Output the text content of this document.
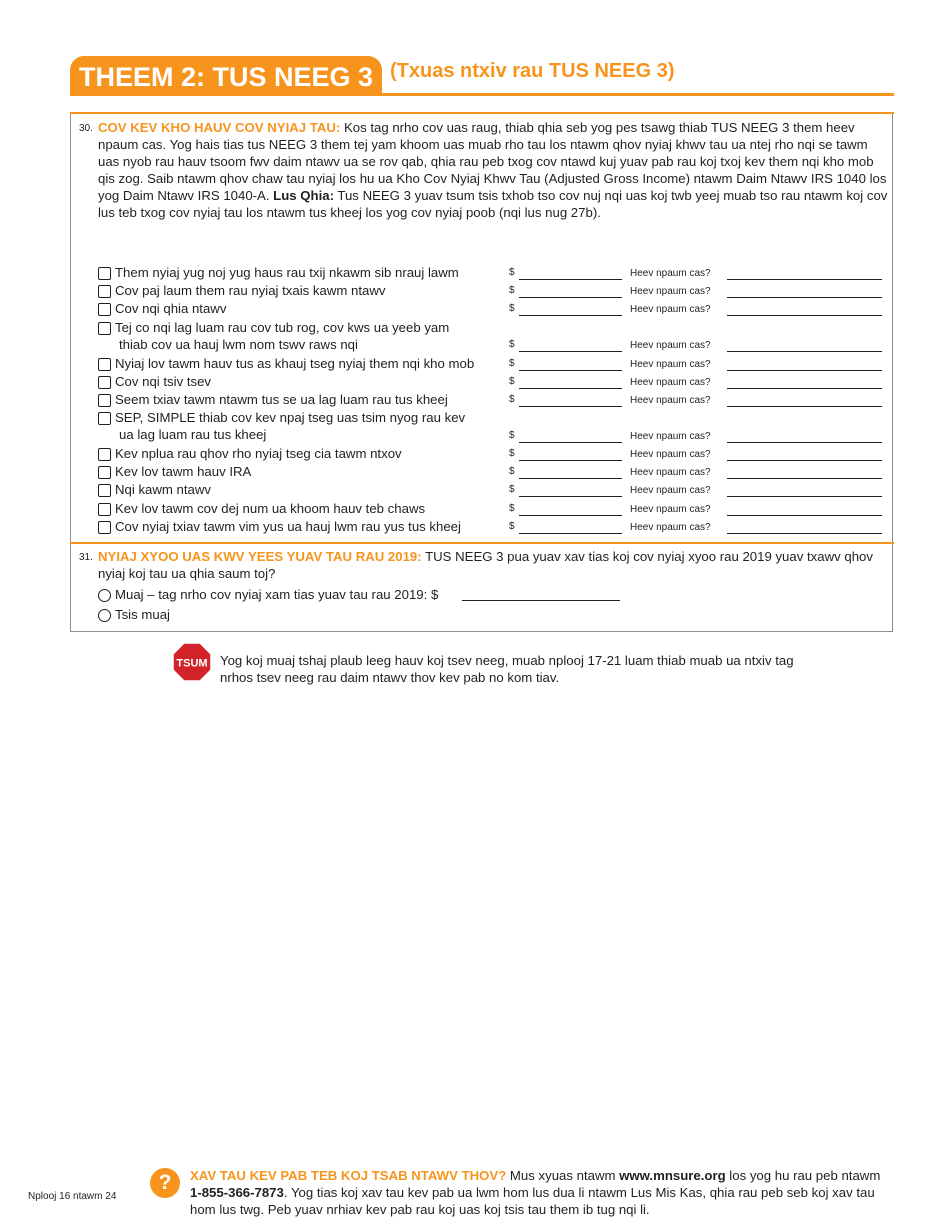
THEEM 2: TUS NEEG 3 (Txuas ntxiv rau TUS NEEG 3)
30. COV KEV KHO HAUV COV NYIAJ TAU: Kos tag nrho cov uas raug, thiab qhia seb yog pes tsawg thiab TUS NEEG 3 them heev npaum cas. Yog hais tias tus NEEG 3 them tej yam khoom uas muab rho tau los ntawm qhov nyiaj khwv tau ua ntej rho nqi se tawm uas nyob rau hauv tsoom fwv daim ntawv ua se rov qab, qhia rau peb txog cov ntawd kuj yuav pab rau koj txoj kev them nqi kho mob qis zog. Saib ntawm qhov chaw tau nyiaj los hu ua Kho Cov Nyiaj Khwv Tau (Adjusted Gross Income) ntawm Daim Ntawv IRS 1040 los yog Daim Ntawv IRS 1040-A. Lus Qhia: Tus NEEG 3 yuav tsum tsis txhob tso cov nuj nqi uas koj twb yeej muab tso rau ntawm koj cov lus teb txog cov nyiaj tau los ntawm tus kheej los yog cov nyiaj poob (nqi lus nug 27b).
Them nyiaj yug noj yug haus rau txij nkawm sib nrauj lawm	$	Heev npaum cas?
Cov paj laum them rau nyiaj txais kawm ntawv	$	Heev npaum cas?
Cov nqi qhia ntawv	$	Heev npaum cas?
Tej co nqi lag luam rau cov tub rog, cov kws ua yeeb yam
thiab cov ua hauj lwm nom tswv raws nqi	$	Heev npaum cas?
Nyiaj lov tawm hauv tus as khauj tseg nyiaj them nqi kho mob	$	Heev npaum cas?
Cov nqi tsiv tsev	$	Heev npaum cas?
Seem txiav tawm ntawm tus se ua lag luam rau tus kheej	$	Heev npaum cas?
SEP, SIMPLE thiab cov kev npaj tseg uas tsim nyog rau kev
ua lag luam rau tus kheej	$	Heev npaum cas?
Kev nplua rau qhov rho nyiaj tseg cia tawm ntxov	$	Heev npaum cas?
Kev lov tawm hauv IRA	$	Heev npaum cas?
Nqi kawm ntawv	$	Heev npaum cas?
Kev lov tawm cov dej num ua khoom hauv teb chaws	$	Heev npaum cas?
Cov nyiaj txiav tawm vim yus ua hauj lwm rau yus tus kheej	$	Heev npaum cas?
31. NYIAJ XYOO UAS KWV YEES YUAV TAU RAU 2019: TUS NEEG 3 pua yuav xav tias koj cov nyiaj xyoo rau 2019 yuav txawv qhov nyiaj koj tau ua qhia saum toj?
Muaj – tag nrho cov nyiaj xam tias yuav tau rau 2019: $
Tsis muaj
TSUM Yog koj muaj tshaj plaub leeg hauv koj tsev neeg, muab nplooj 17-21 luam thiab muab ua ntxiv tag nrhos tsev neeg rau daim ntawv thov kev pab no kom tiav.
?	XAV TAU KEV PAB TEB KOJ TSAB NTAWV THOV? Mus xyuas ntawm www.mnsure.org los yog hu rau peb ntawm 1-855-366-7873. Yog tias koj xav tau kev pab ua lwm hom lus dua li ntawm Lus Mis Kas, qhia rau peb seb koj xav tau hom lus twg. Peb yuav nrhiav kev pab rau koj uas koj tsis tau them ib tug nqi li.
Nplooj 16 ntawm 24
